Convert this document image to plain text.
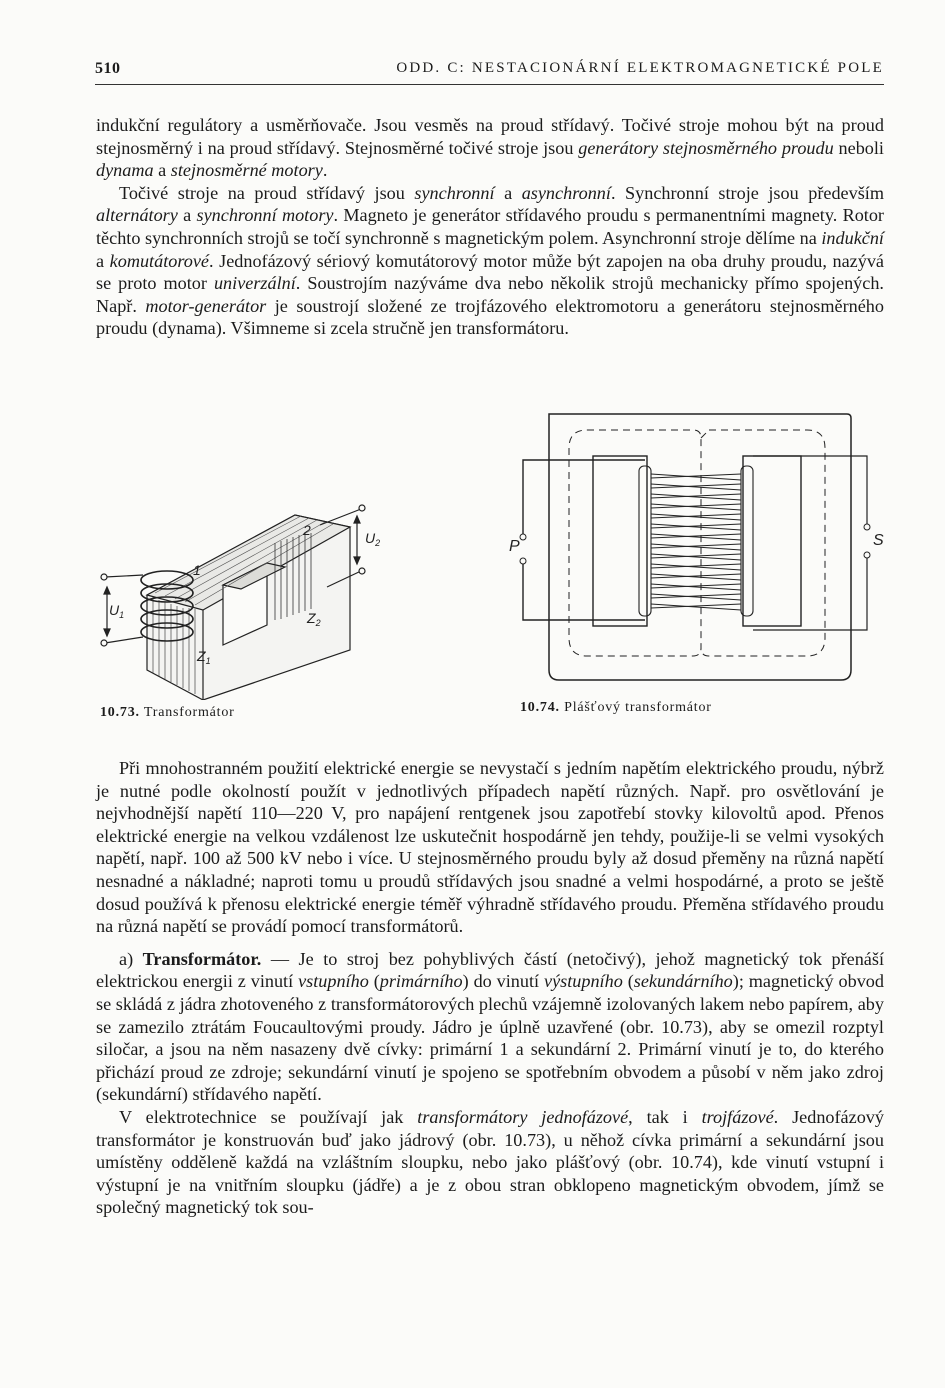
510	ODD. C: NESTACIONÁRNÍ ELEKTROMAGNETICKÉ POLE

indukční regulátory a usměrňovače. Jsou vesměs na proud střídavý. Točivé stroje mohou být na proud stejnosměrný i na proud střídavý. Stejnosměrné točivé stroje jsou generátory stejnosměrného proudu neboli dynama a stejnosměrné motory.

Točivé stroje na proud střídavý jsou synchronní a asynchronní. Synchronní stroje jsou především alternátory a synchronní motory. Magneto je generátor střídavého proudu s permanentními magnety. Rotor těchto synchronních strojů se točí synchronně s magnetickým polem. Asynchronní stroje dělíme na indukční a komutátorové. Jednofázový sériový komutátorový motor může být zapojen na oba druhy proudu, nazývá se proto motor univerzální. Soustrojím nazýváme dva nebo několik strojů mechanicky přímo spojených. Např. motor-generátor je soustrojí složené ze trojfázového elektromotoru a generátoru stejnosměrného proudu (dynama). Všimneme si zcela stručně jen transformátoru.

$U_1$
$U_2$
$Z_1$
$Z_2$
1
2
10.73. Transformátor
P	S
10.74. Plášťový transformátor

Při mnohostranném použití elektrické energie se nevystačí s jedním napětím elektrického proudu, nýbrž je nutné podle okolností použít v jednotlivých případech napětí různých. Např. pro osvětlování je nejvhodnější napětí 110—220 V, pro napájení rentgenek jsou zapotřebí stovky kilovoltů apod. Přenos elektrické energie na velkou vzdálenost lze uskutečnit hospodárně jen tehdy, použije-li se velmi vysokých napětí, např. 100 až 500 kV nebo i více. U stejnosměrného proudu byly až dosud přeměny na různá napětí nesnadné a nákladné; naproti tomu u proudů střídavých jsou snadné a velmi hospodárné, a proto se ještě dosud používá k přenosu elektrické energie téměř výhradně střídavého proudu. Přeměna střídavého proudu na různá napětí se provádí pomocí transformátorů.

a) Transformátor. — Je to stroj bez pohyblivých částí (netočivý), jehož magnetický tok přenáší elektrickou energii z vinutí vstupního (primárního) do vinutí výstupního (sekundárního); magnetický obvod se skládá z jádra zhotoveného z transformátorových plechů vzájemně izolovaných lakem nebo papírem, aby se zamezilo ztrátám Foucaultovými proudy. Jádro je úplně uzavřené (obr. 10.73), aby se omezil rozptyl siločar, a jsou na něm nasazeny dvě cívky: primární 1 a sekundární 2. Primární vinutí je to, do kterého přichází proud ze zdroje; sekundární vinutí je spojeno se spotřebním obvodem a působí v něm jako zdroj (sekundární) střídavého napětí.

V elektrotechnice se používají jak transformátory jednofázové, tak i trojfázové. Jednofázový transformátor je konstruován buď jako jádrový (obr. 10.73), u něhož cívka primární a sekundární jsou umístěny odděleně každá na vzláštním sloupku, nebo jako plášťový (obr. 10.74), kde vinutí vstupní i výstupní je na vnitřním sloupku (jádře) a je z obou stran obklopeno magnetickým obvodem, jímž se společný magnetický tok sou-
